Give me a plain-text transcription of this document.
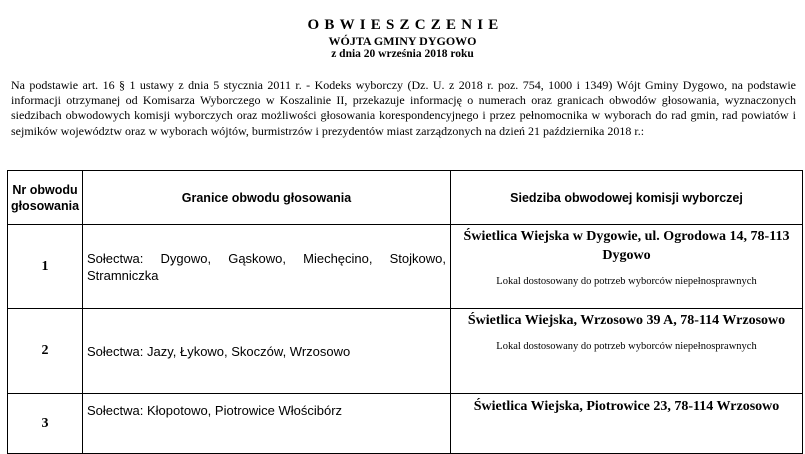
OBWIESZCZENIE
WÓJTA GMINY DYGOWO
z dnia 20 września 2018 roku
Na podstawie art. 16 § 1 ustawy z dnia 5 stycznia 2011 r. - Kodeks wyborczy (Dz. U. z 2018 r. poz. 754, 1000 i 1349) Wójt Gminy Dygowo, na podstawie informacji otrzymanej od Komisarza Wyborczego w Koszalinie II, przekazuje informację o numerach oraz granicach obwodów głosowania, wyznaczonych siedzibach obwodowych komisji wyborczych oraz możliwości głosowania korespondencyjnego i przez pełnomocnika w wyborach do rad gmin, rad powiatów i sejmików województw oraz w wyborach wójtów, burmistrzów i prezydentów miast zarządzonych na dzień 21 października 2018 r.:
Nr obwodu głosowania	Granice obwodu głosowania	Siedziba obwodowej komisji wyborczej
1	Sołectwa: Dygowo, Gąskowo, Miechęcino, Stojkowo, Stramniczka	Świetlica Wiejska w Dygowie, ul. Ogrodowa 14, 78-113 Dygowo
Lokal dostosowany do potrzeb wyborców niepełnosprawnych

2	Sołectwa: Jazy, Łykowo, Skoczów, Wrzosowo	Świetlica Wiejska, Wrzosowo 39 A, 78-114 Wrzosowo
Lokal dostosowany do potrzeb wyborców niepełnosprawnych

3	Sołectwa: Kłopotowo, Piotrowice Włościbórz	Świetlica Wiejska, Piotrowice 23, 78-114 Wrzosowo
